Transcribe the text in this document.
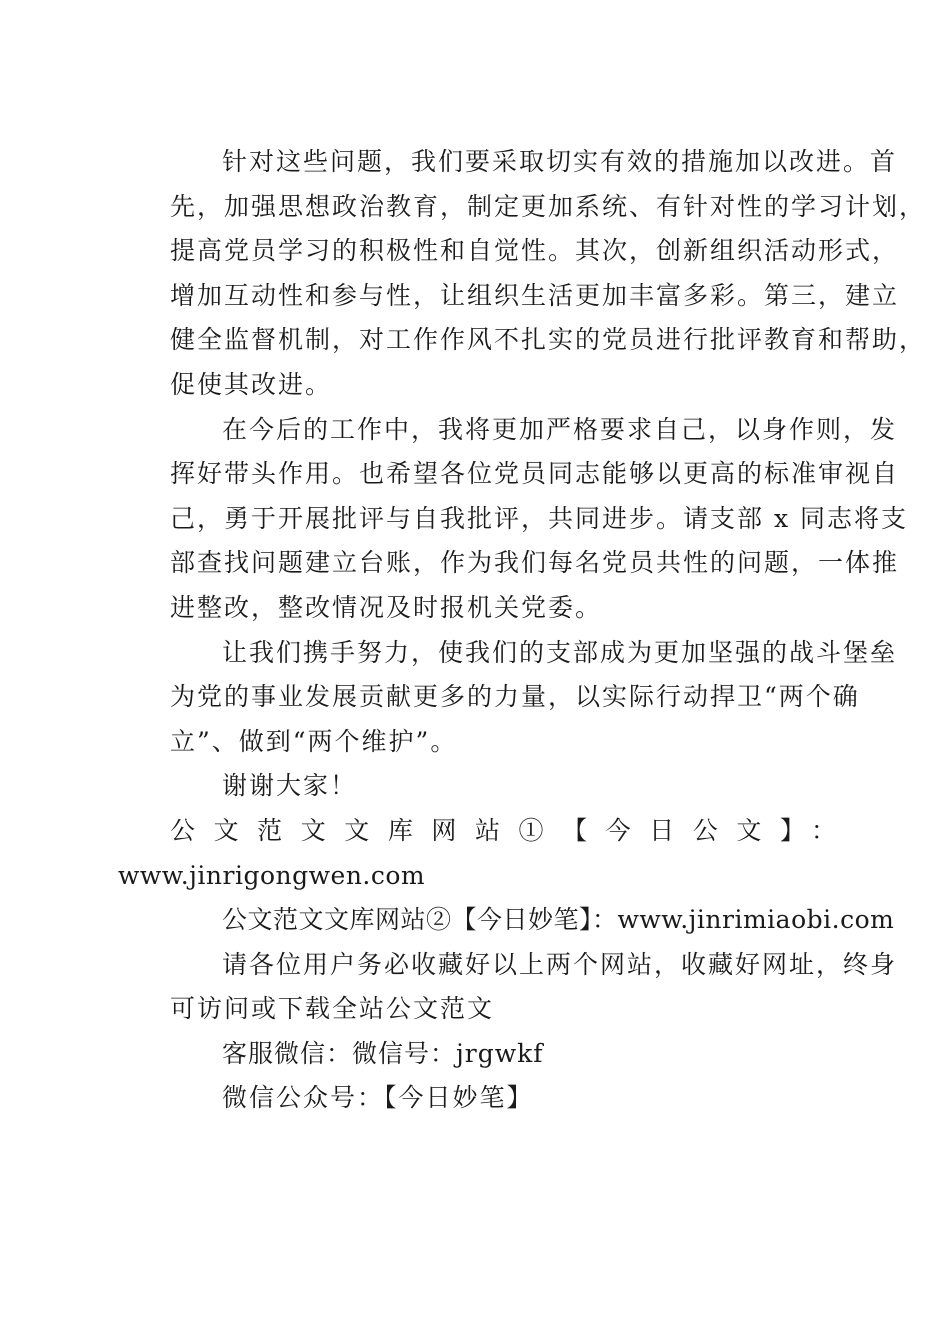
针对这些问题，我们要采取切实有效的措施加以改进。首
先，加强思想政治教育，制定更加系统、有针对性的学习计划，
提高党员学习的积极性和自觉性。其次，创新组织活动形式，
增加互动性和参与性，让组织生活更加丰富多彩。第三，建立
健全监督机制，对工作作风不扎实的党员进行批评教育和帮助，
促使其改进。
在今后的工作中，我将更加严格要求自己，以身作则，发
挥好带头作用。也希望各位党员同志能够以更高的标准审视自
己，勇于开展批评与自我批评，共同进步。请支部 x 同志将支
部查找问题建立台账，作为我们每名党员共性的问题，一体推
进整改，整改情况及时报机关党委。
让我们携手努力，使我们的支部成为更加坚强的战斗堡垒
为党的事业发展贡献更多的力量，以实际行动捍卫“两个确
立”、做到“两个维护”。
谢谢大家！
公文范文文库网站①【今日公文】：
www.jinrigongwen.com
公文范文文库网站②【今日妙笔】：www.jinrimiaobi.com
请各位用户务必收藏好以上两个网站，收藏好网址，终身
可访问或下载全站公文范文
客服微信：微信号：jrgwkf
微信公众号：【今日妙笔】
